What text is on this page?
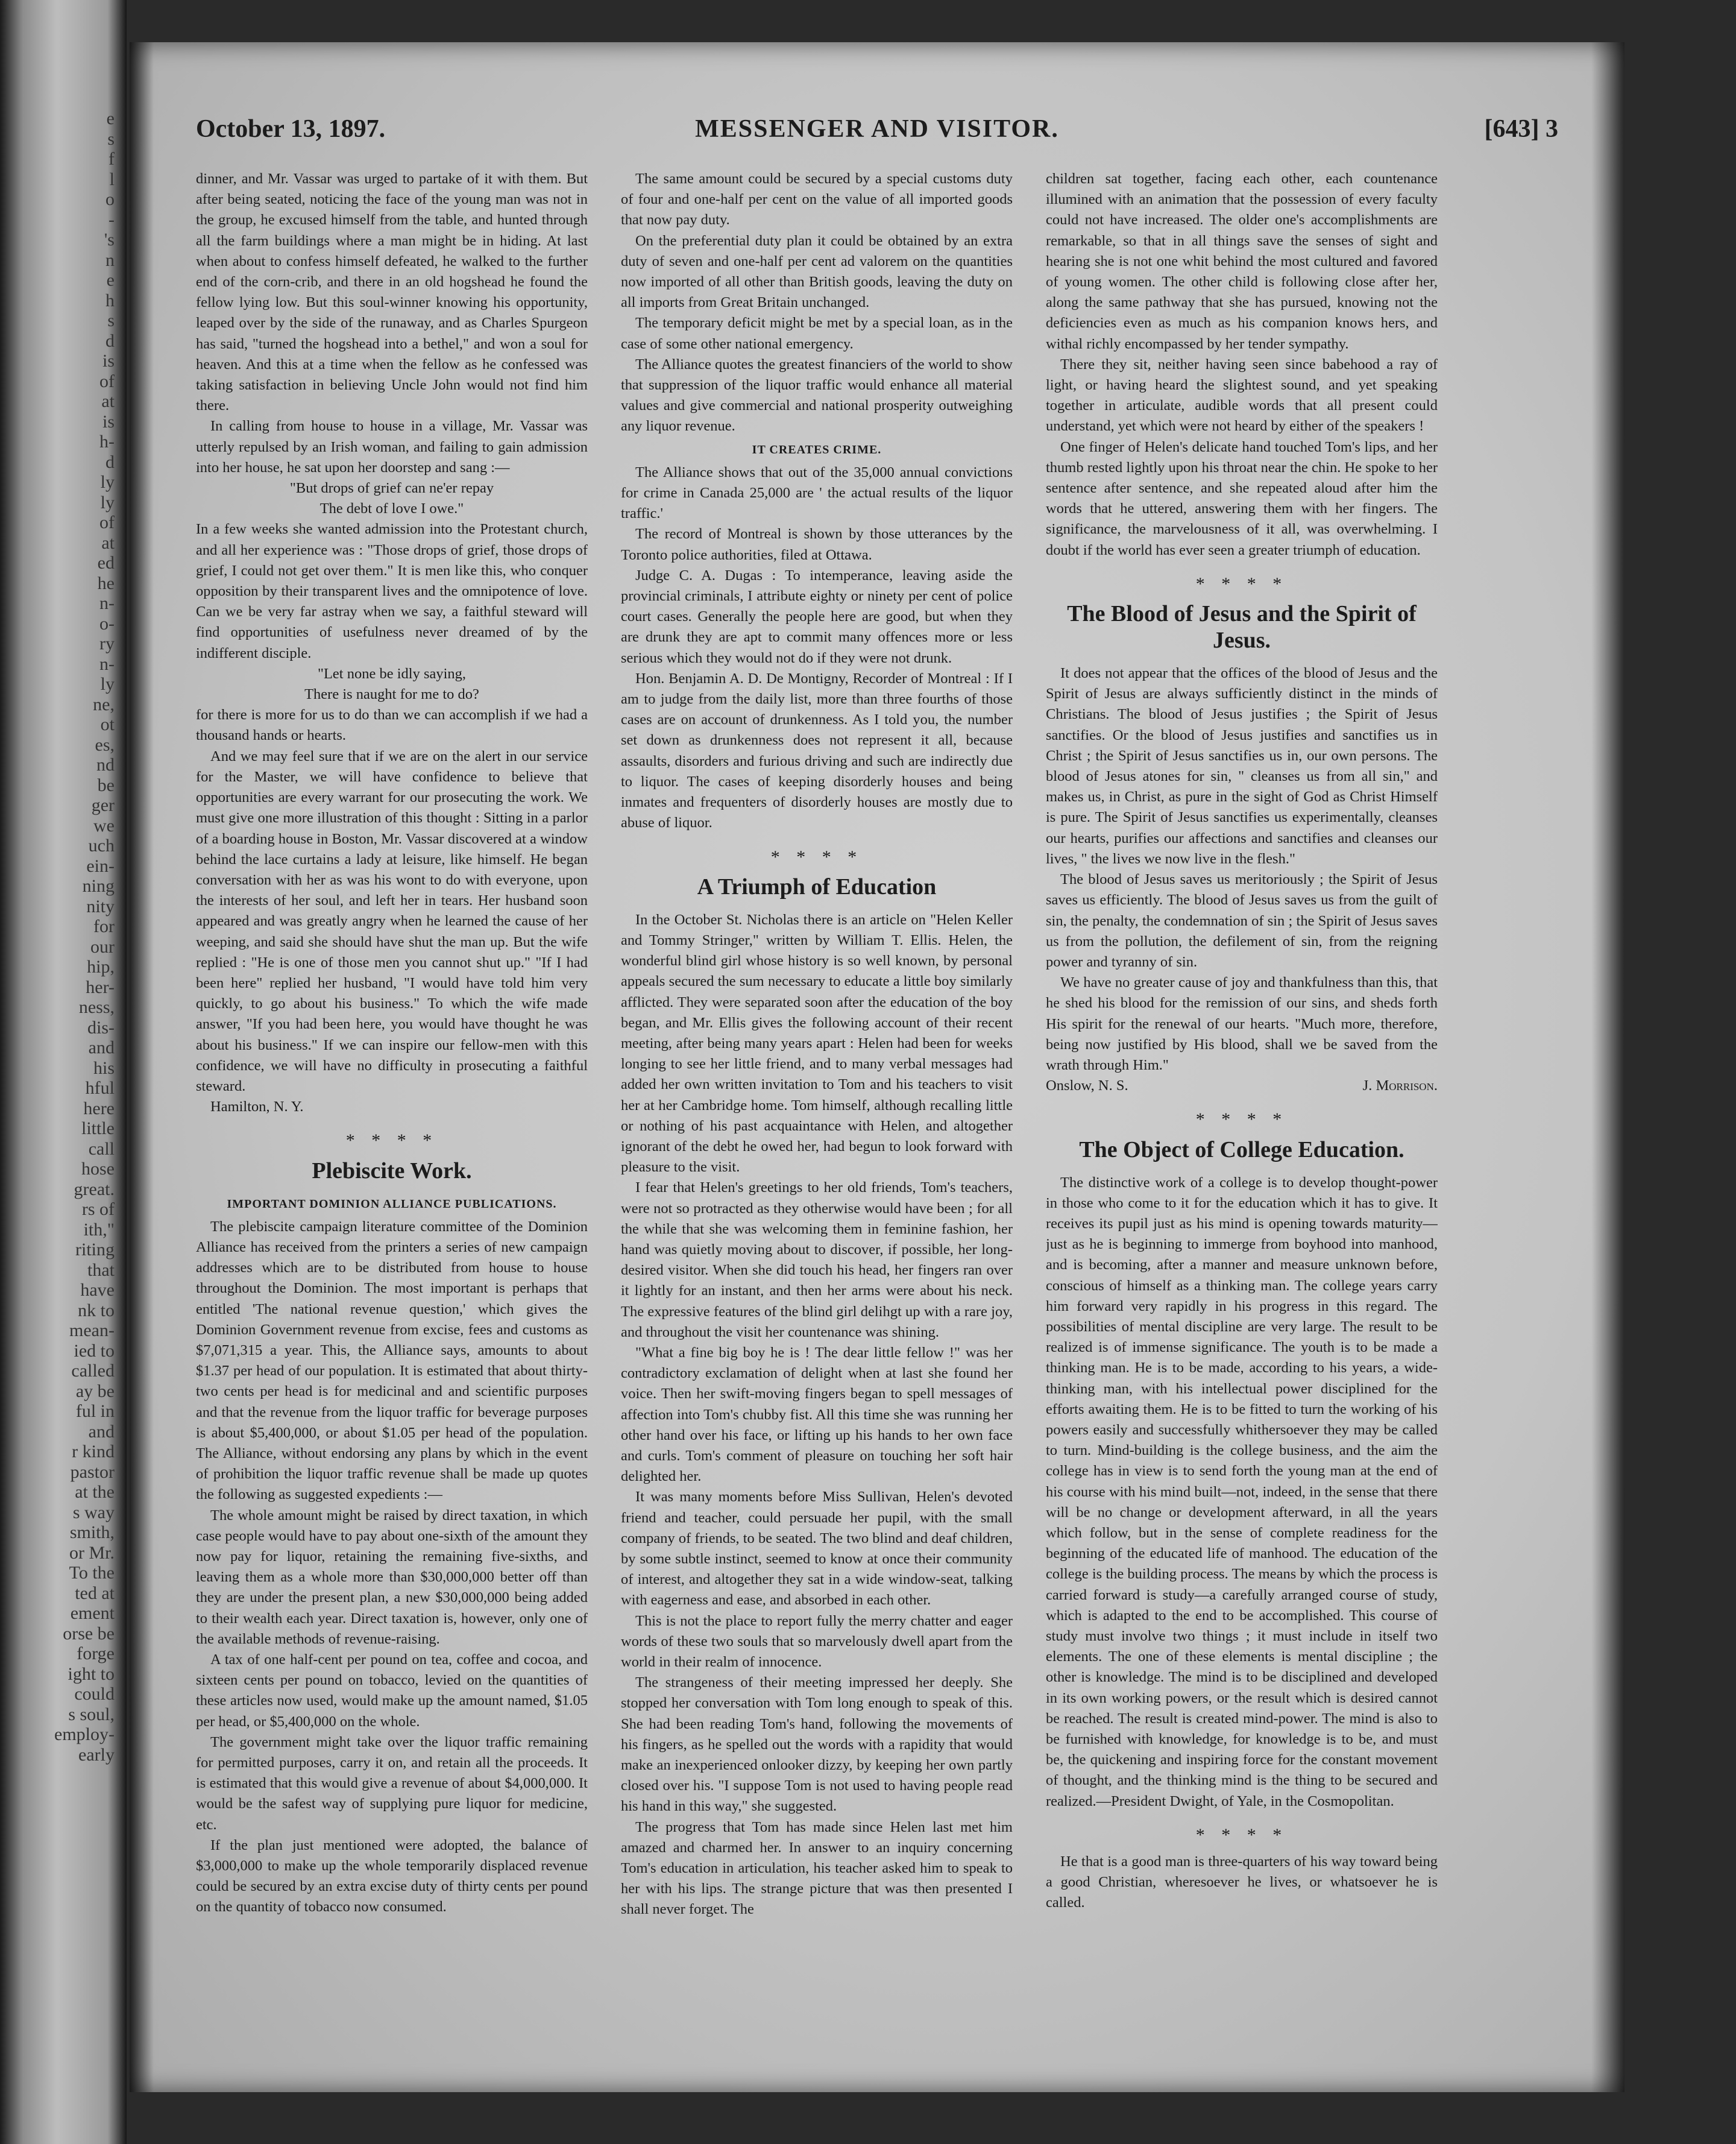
e
s
f
l
o
-
's
n
e
h
s
d
is
of
at
is
h-
d
ly
ly
of
at
ed
he
n-
o-
ry
n-
ly
ne,
ot
es,
nd
be
ger
we
uch
ein-
ning
nity
for
our
hip,
her-
ness,
dis-
and
his
hful
here
little
call
hose
great.
rs of
ith,"
riting
that
have
nk to
mean-
ied to
called
ay be
ful in
and
r kind
pastor
at the
s way
smith,
or Mr.
To the
ted at
ement
orse be
forge
ight to
could
s soul,
employ-
early
October 13, 1897.	MESSENGER AND VISITOR.	[643] 3

dinner, and Mr. Vassar was urged to partake of it with them. But after being seated, noticing the face of the young man was not in the group, he excused himself from the table, and hunted through all the farm buildings where a man might be in hiding. At last when about to confess himself defeated, he walked to the further end of the corn-crib, and there in an old hogshead he found the fellow lying low. But this soul-winner knowing his opportunity, leaped over by the side of the runaway, and as Charles Spurgeon has said, "turned the hogshead into a bethel," and won a soul for heaven. And this at a time when the fellow as he confessed was taking satisfaction in believing Uncle John would not find him there.

In calling from house to house in a village, Mr. Vassar was utterly repulsed by an Irish woman, and failing to gain admission into her house, he sat upon her doorstep and sang :—

"But drops of grief can ne'er repay

The debt of love I owe."

In a few weeks she wanted admission into the Protestant church, and all her experience was : "Those drops of grief, those drops of grief, I could not get over them." It is men like this, who conquer opposition by their transparent lives and the omnipotence of love. Can we be very far astray when we say, a faithful steward will find opportunities of usefulness never dreamed of by the indifferent disciple.

"Let none be idly saying,

There is naught for me to do?

for there is more for us to do than we can accomplish if we had a thousand hands or hearts.

And we may feel sure that if we are on the alert in our service for the Master, we will have confidence to believe that opportunities are every warrant for our prosecuting the work. We must give one more illustration of this thought : Sitting in a parlor of a boarding house in Boston, Mr. Vassar discovered at a window behind the lace curtains a lady at leisure, like himself. He began conversation with her as was his wont to do with everyone, upon the interests of her soul, and left her in tears. Her husband soon appeared and was greatly angry when he learned the cause of her weeping, and said she should have shut the man up. But the wife replied : "He is one of those men you cannot shut up." "If I had been here" replied her husband, "I would have told him very quickly, to go about his business." To which the wife made answer, "If you had been here, you would have thought he was about his business." If we can inspire our fellow-men with this confidence, we will have no difficulty in prosecuting a faithful steward.

Hamilton, N. Y.

* * * *
Plebiscite Work.
IMPORTANT DOMINION ALLIANCE PUBLICATIONS.

The plebiscite campaign literature committee of the Dominion Alliance has received from the printers a series of new campaign addresses which are to be distributed from house to house throughout the Dominion. The most important is perhaps that entitled 'The national revenue question,' which gives the Dominion Government revenue from excise, fees and customs as $7,071,315 a year. This, the Alliance says, amounts to about $1.37 per head of our population. It is estimated that about thirty-two cents per head is for medicinal and and scientific purposes and that the revenue from the liquor traffic for beverage purposes is about $5,400,000, or about $1.05 per head of the population. The Alliance, without endorsing any plans by which in the event of prohibition the liquor traffic revenue shall be made up quotes the following as suggested expedients :—

The whole amount might be raised by direct taxation, in which case people would have to pay about one-sixth of the amount they now pay for liquor, retaining the remaining five-sixths, and leaving them as a whole more than $30,000,000 better off than they are under the present plan, a new $30,000,000 being added to their wealth each year. Direct taxation is, however, only one of the available methods of revenue-raising.

A tax of one half-cent per pound on tea, coffee and cocoa, and sixteen cents per pound on tobacco, levied on the quantities of these articles now used, would make up the amount named, $1.05 per head, or $5,400,000 on the whole.

The government might take over the liquor traffic remaining for permitted purposes, carry it on, and retain all the proceeds. It is estimated that this would give a revenue of about $4,000,000. It would be the safest way of supplying pure liquor for medicine, etc.

If the plan just mentioned were adopted, the balance of $3,000,000 to make up the whole temporarily displaced revenue could be secured by an extra excise duty of thirty cents per pound on the quantity of tobacco now consumed.

The same amount could be secured by a special customs duty of four and one-half per cent on the value of all imported goods that now pay duty.

On the preferential duty plan it could be obtained by an extra duty of seven and one-half per cent ad valorem on the quantities now imported of all other than British goods, leaving the duty on all imports from Great Britain unchanged.

The temporary deficit might be met by a special loan, as in the case of some other national emergency.

The Alliance quotes the greatest financiers of the world to show that suppression of the liquor traffic would enhance all material values and give commercial and national prosperity outweighing any liquor revenue.

IT CREATES CRIME.

The Alliance shows that out of the 35,000 annual convictions for crime in Canada 25,000 are ' the actual results of the liquor traffic.'

The record of Montreal is shown by those utterances by the Toronto police authorities, filed at Ottawa.

Judge C. A. Dugas : To intemperance, leaving aside the provincial criminals, I attribute eighty or ninety per cent of police court cases. Generally the people here are good, but when they are drunk they are apt to commit many offences more or less serious which they would not do if they were not drunk.

Hon. Benjamin A. D. De Montigny, Recorder of Montreal : If I am to judge from the daily list, more than three fourths of those cases are on account of drunkenness. As I told you, the number set down as drunkenness does not represent it all, because assaults, disorders and furious driving and such are indirectly due to liquor. The cases of keeping disorderly houses and being inmates and frequenters of disorderly houses are mostly due to abuse of liquor.

* * * *
A Triumph of Education

In the October St. Nicholas there is an article on "Helen Keller and Tommy Stringer," written by William T. Ellis. Helen, the wonderful blind girl whose history is so well known, by personal appeals secured the sum necessary to educate a little boy similarly afflicted. They were separated soon after the education of the boy began, and Mr. Ellis gives the following account of their recent meeting, after being many years apart : Helen had been for weeks longing to see her little friend, and to many verbal messages had added her own written invitation to Tom and his teachers to visit her at her Cambridge home. Tom himself, although recalling little or nothing of his past acquaintance with Helen, and altogether ignorant of the debt he owed her, had begun to look forward with pleasure to the visit.

I fear that Helen's greetings to her old friends, Tom's teachers, were not so protracted as they otherwise would have been ; for all the while that she was welcoming them in feminine fashion, her hand was quietly moving about to discover, if possible, her long-desired visitor. When she did touch his head, her fingers ran over it lightly for an instant, and then her arms were about his neck. The expressive features of the blind girl delihgt up with a rare joy, and throughout the visit her countenance was shining.

"What a fine big boy he is ! The dear little fellow !" was her contradictory exclamation of delight when at last she found her voice. Then her swift-moving fingers began to spell messages of affection into Tom's chubby fist. All this time she was running her other hand over his face, or lifting up his hands to her own face and curls. Tom's comment of pleasure on touching her soft hair delighted her.

It was many moments before Miss Sullivan, Helen's devoted friend and teacher, could persuade her pupil, with the small company of friends, to be seated. The two blind and deaf children, by some subtle instinct, seemed to know at once their community of interest, and altogether they sat in a wide window-seat, talking with eagerness and ease, and absorbed in each other.

This is not the place to report fully the merry chatter and eager words of these two souls that so marvelously dwell apart from the world in their realm of innocence.

The strangeness of their meeting impressed her deeply. She stopped her conversation with Tom long enough to speak of this. She had been reading Tom's hand, following the movements of his fingers, as he spelled out the words with a rapidity that would make an inexperienced onlooker dizzy, by keeping her own partly closed over his. "I suppose Tom is not used to having people read his hand in this way," she suggested.

The progress that Tom has made since Helen last met him amazed and charmed her. In answer to an inquiry concerning Tom's education in articulation, his teacher asked him to speak to her with his lips. The strange picture that was then presented I shall never forget. The

children sat together, facing each other, each countenance illumined with an animation that the possession of every faculty could not have increased. The older one's accomplishments are remarkable, so that in all things save the senses of sight and hearing she is not one whit behind the most cultured and favored of young women. The other child is following close after her, along the same pathway that she has pursued, knowing not the deficiencies even as much as his companion knows hers, and withal richly encompassed by her tender sympathy.

There they sit, neither having seen since babehood a ray of light, or having heard the slightest sound, and yet speaking together in articulate, audible words that all present could understand, yet which were not heard by either of the speakers !

One finger of Helen's delicate hand touched Tom's lips, and her thumb rested lightly upon his throat near the chin. He spoke to her sentence after sentence, and she repeated aloud after him the words that he uttered, answering them with her fingers. The significance, the marvelousness of it all, was overwhelming. I doubt if the world has ever seen a greater triumph of education.

* * * *
The Blood of Jesus and the Spirit of Jesus.

It does not appear that the offices of the blood of Jesus and the Spirit of Jesus are always sufficiently distinct in the minds of Christians. The blood of Jesus justifies ; the Spirit of Jesus sanctifies. Or the blood of Jesus justifies and sanctifies us in Christ ; the Spirit of Jesus sanctifies us in, our own persons. The blood of Jesus atones for sin, " cleanses us from all sin," and makes us, in Christ, as pure in the sight of God as Christ Himself is pure. The Spirit of Jesus sanctifies us experimentally, cleanses our hearts, purifies our affections and sanctifies and cleanses our lives, " the lives we now live in the flesh."

The blood of Jesus saves us meritoriously ; the Spirit of Jesus saves us efficiently. The blood of Jesus saves us from the guilt of sin, the penalty, the condemnation of sin ; the Spirit of Jesus saves us from the pollution, the defilement of sin, from the reigning power and tyranny of sin.

We have no greater cause of joy and thankfulness than this, that he shed his blood for the remission of our sins, and sheds forth His spirit for the renewal of our hearts. "Much more, therefore, being now justified by His blood, shall we be saved from the wrath through Him."

Onslow, N. S.	J. Morrison.
* * * *
The Object of College Education.

The distinctive work of a college is to develop thought-power in those who come to it for the education which it has to give. It receives its pupil just as his mind is opening towards maturity—just as he is beginning to immerge from boyhood into manhood, and is becoming, after a manner and measure unknown before, conscious of himself as a thinking man. The college years carry him forward very rapidly in his progress in this regard. The possibilities of mental discipline are very large. The result to be realized is of immense significance. The youth is to be made a thinking man. He is to be made, according to his years, a wide-thinking man, with his intellectual power disciplined for the efforts awaiting them. He is to be fitted to turn the working of his powers easily and successfully whithersoever they may be called to turn. Mind-building is the college business, and the aim the college has in view is to send forth the young man at the end of his course with his mind built—not, indeed, in the sense that there will be no change or development afterward, in all the years which follow, but in the sense of complete readiness for the beginning of the educated life of manhood. The education of the college is the building process. The means by which the process is carried forward is study—a carefully arranged course of study, which is adapted to the end to be accomplished. This course of study must involve two things ; it must include in itself two elements. The one of these elements is mental discipline ; the other is knowledge. The mind is to be disciplined and developed in its own working powers, or the result which is desired cannot be reached. The result is created mind-power. The mind is also to be furnished with knowledge, for knowledge is to be, and must be, the quickening and inspiring force for the constant movement of thought, and the thinking mind is the thing to be secured and realized.—President Dwight, of Yale, in the Cosmopolitan.

* * * *

He that is a good man is three-quarters of his way toward being a good Christian, wheresoever he lives, or whatsoever he is called.
